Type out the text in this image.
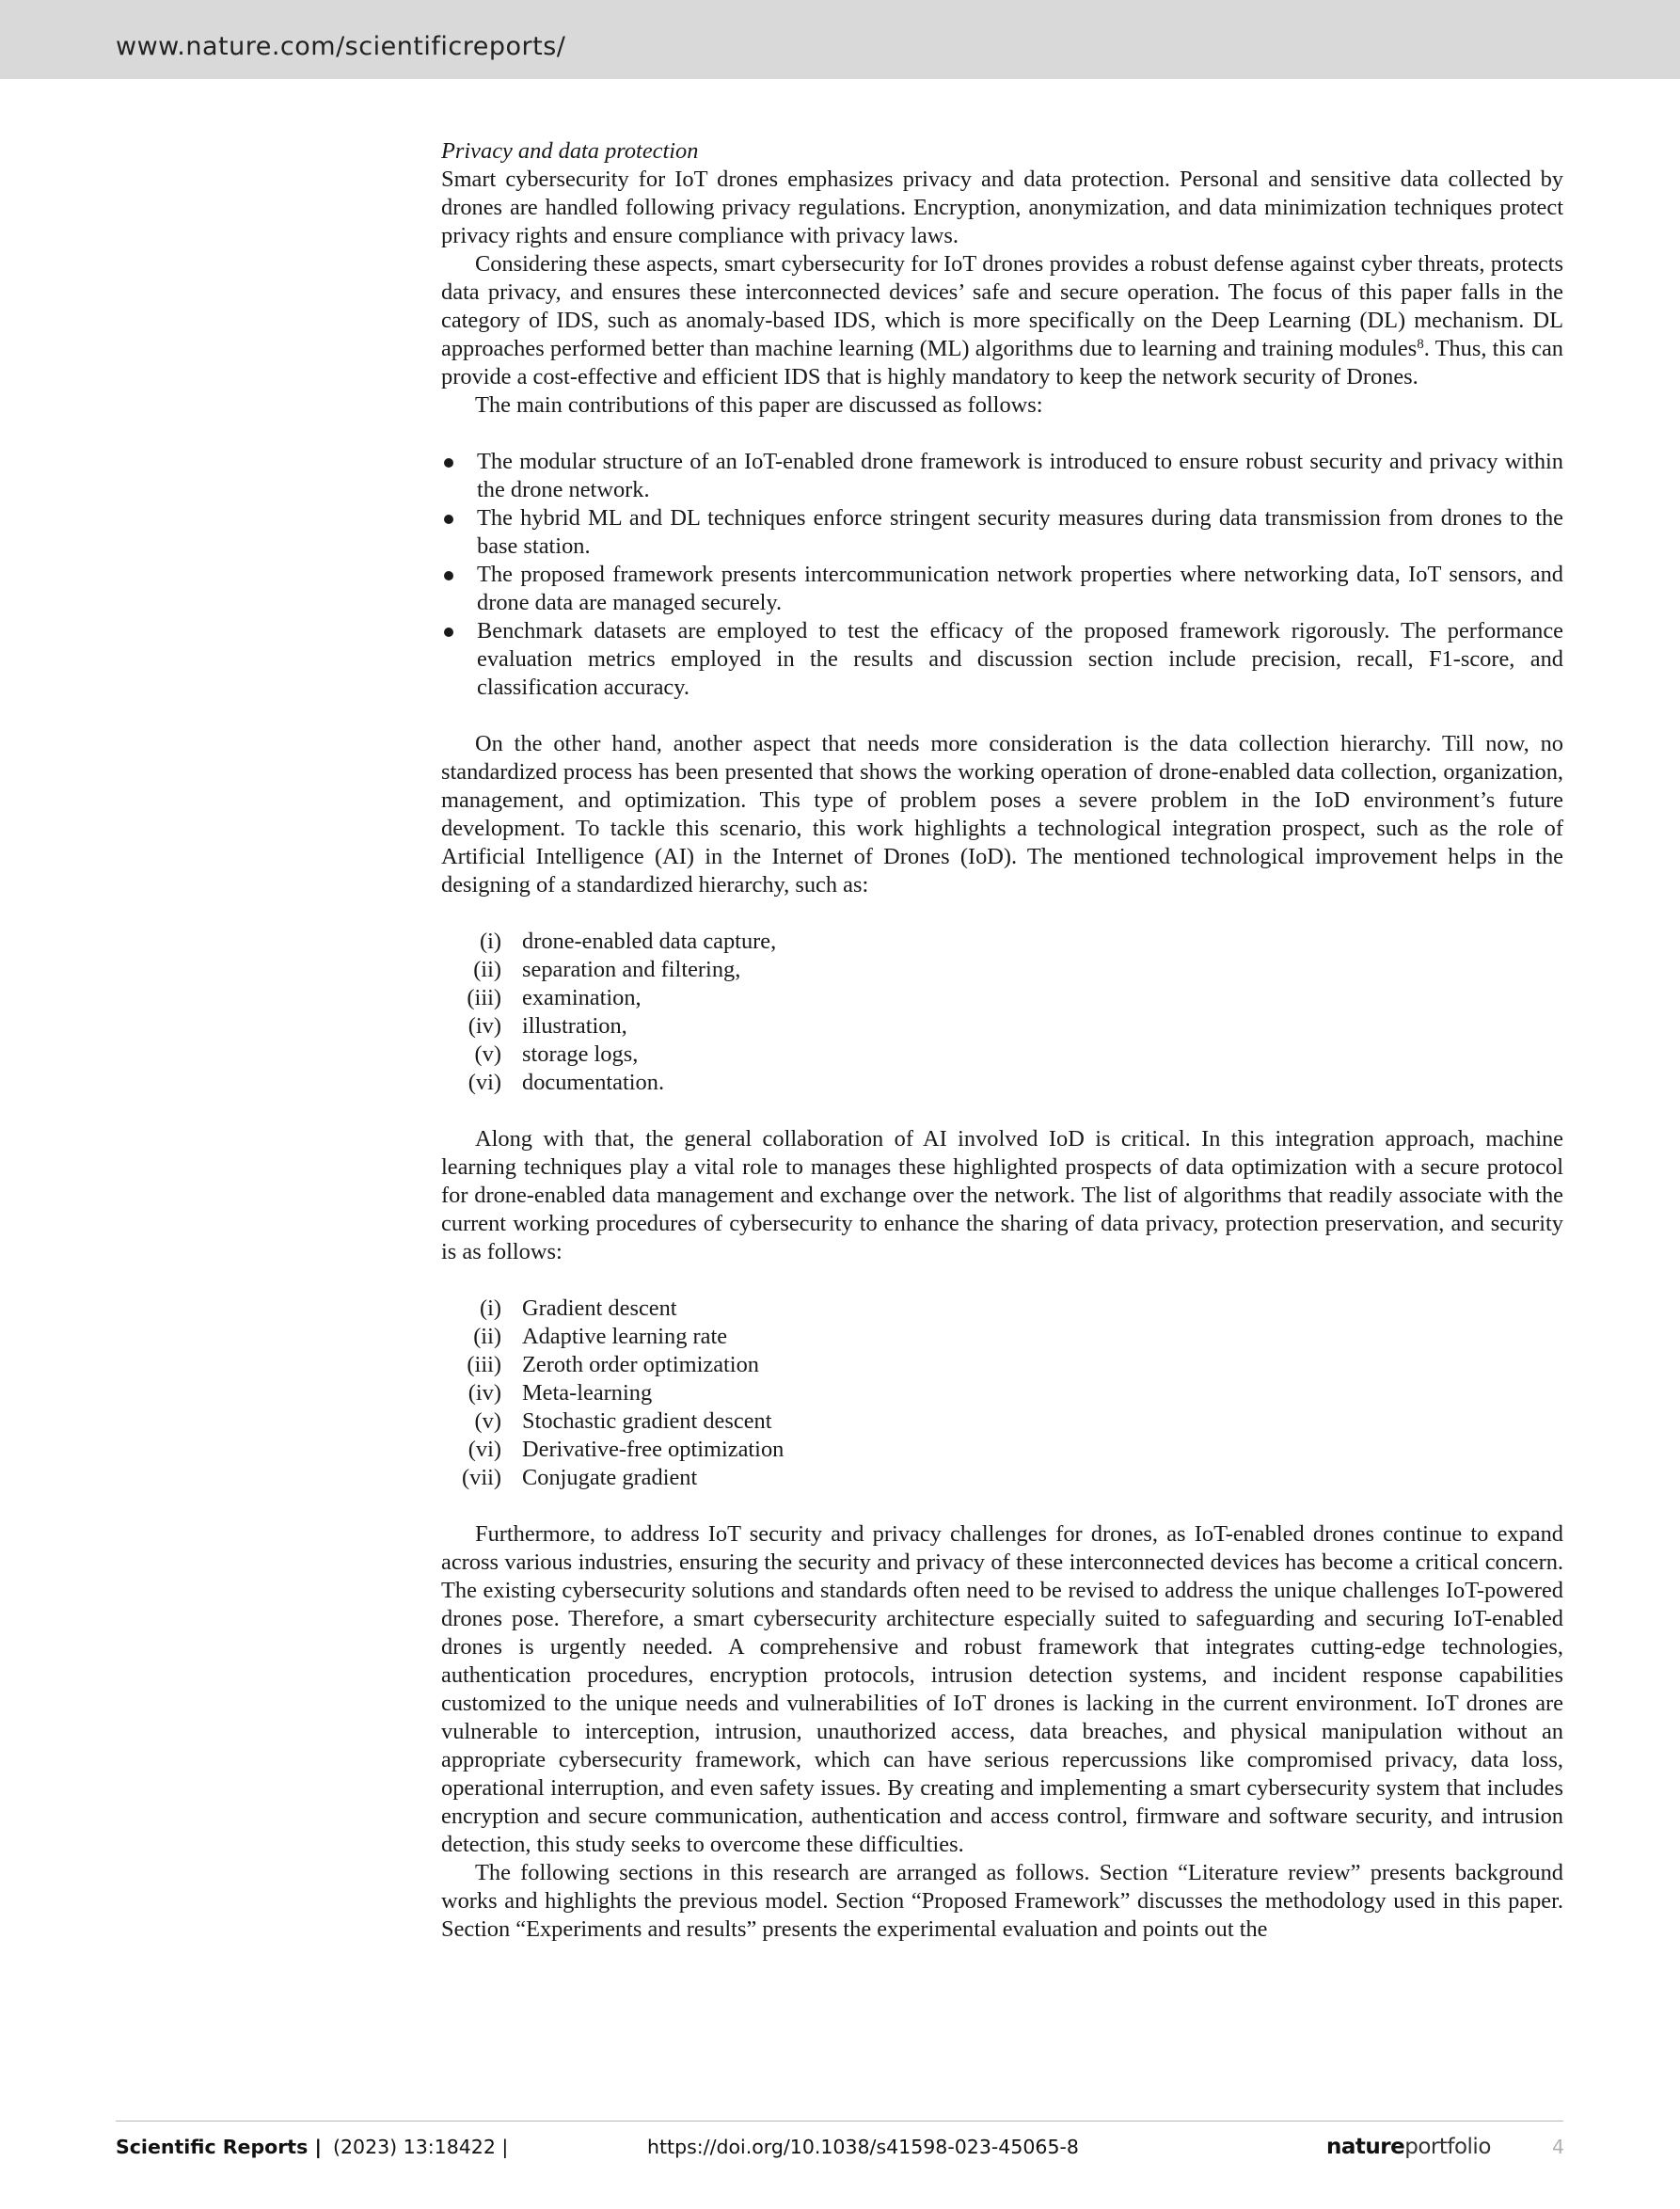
www.nature.com/scientificreports/

Privacy and data protection

Smart cybersecurity for IoT drones emphasizes privacy and data protection. Personal and sensitive data collected by drones are handled following privacy regulations. Encryption, anonymization, and data minimization techniques protect privacy rights and ensure compliance with privacy laws.

Considering these aspects, smart cybersecurity for IoT drones provides a robust defense against cyber threats, protects data privacy, and ensures these interconnected devices’ safe and secure operation. The focus of this paper falls in the category of IDS, such as anomaly-based IDS, which is more specifically on the Deep Learning (DL) mechanism. DL approaches performed better than machine learning (ML) algorithms due to learning and training modules$^8$. Thus, this can provide a cost-effective and efficient IDS that is highly mandatory to keep the network security of Drones.

The main contributions of this paper are discussed as follows:

The modular structure of an IoT-enabled drone framework is introduced to ensure robust security and privacy within the drone network.
The hybrid ML and DL techniques enforce stringent security measures during data transmission from drones to the base station.
The proposed framework presents intercommunication network properties where networking data, IoT sensors, and drone data are managed securely.
Benchmark datasets are employed to test the efficacy of the proposed framework rigorously. The performance evaluation metrics employed in the results and discussion section include precision, recall, F1-score, and classification accuracy.

On the other hand, another aspect that needs more consideration is the data collection hierarchy. Till now, no standardized process has been presented that shows the working operation of drone-enabled data collection, organization, management, and optimization. This type of problem poses a severe problem in the IoD environment’s future development. To tackle this scenario, this work highlights a technological integration prospect, such as the role of Artificial Intelligence (AI) in the Internet of Drones (IoD). The mentioned technological improvement helps in the designing of a standardized hierarchy, such as:

(i) drone-enabled data capture,
(ii) separation and filtering,
(iii) examination,
(iv) illustration,
(v) storage logs,
(vi) documentation.

Along with that, the general collaboration of AI involved IoD is critical. In this integration approach, machine learning techniques play a vital role to manages these highlighted prospects of data optimization with a secure protocol for drone-enabled data management and exchange over the network. The list of algorithms that readily associate with the current working procedures of cybersecurity to enhance the sharing of data privacy, protection preservation, and security is as follows:

(i) Gradient descent
(ii) Adaptive learning rate
(iii) Zeroth order optimization
(iv) Meta-learning
(v) Stochastic gradient descent
(vi) Derivative-free optimization
(vii) Conjugate gradient

Furthermore, to address IoT security and privacy challenges for drones, as IoT-enabled drones continue to expand across various industries, ensuring the security and privacy of these interconnected devices has become a critical concern. The existing cybersecurity solutions and standards often need to be revised to address the unique challenges IoT-powered drones pose. Therefore, a smart cybersecurity architecture especially suited to safeguarding and securing IoT-enabled drones is urgently needed. A comprehensive and robust framework that integrates cutting-edge technologies, authentication procedures, encryption protocols, intrusion detection systems, and incident response capabilities customized to the unique needs and vulnerabilities of IoT drones is lacking in the current environment. IoT drones are vulnerable to interception, intrusion, unauthorized access, data breaches, and physical manipulation without an appropriate cybersecurity framework, which can have serious repercussions like compromised privacy, data loss, operational interruption, and even safety issues. By creating and implementing a smart cybersecurity system that includes encryption and secure communication, authentication and access control, firmware and software security, and intrusion detection, this study seeks to overcome these difficulties.

The following sections in this research are arranged as follows. Section “Literature review” presents background works and highlights the previous model. Section “Proposed Framework” discusses the methodology used in this paper. Section “Experiments and results” presents the experimental evaluation and points out the

Scientific Reports | (2023) 13:18422 |	https://doi.org/10.1038/s41598-023-45065-8	natureportfolio	4
